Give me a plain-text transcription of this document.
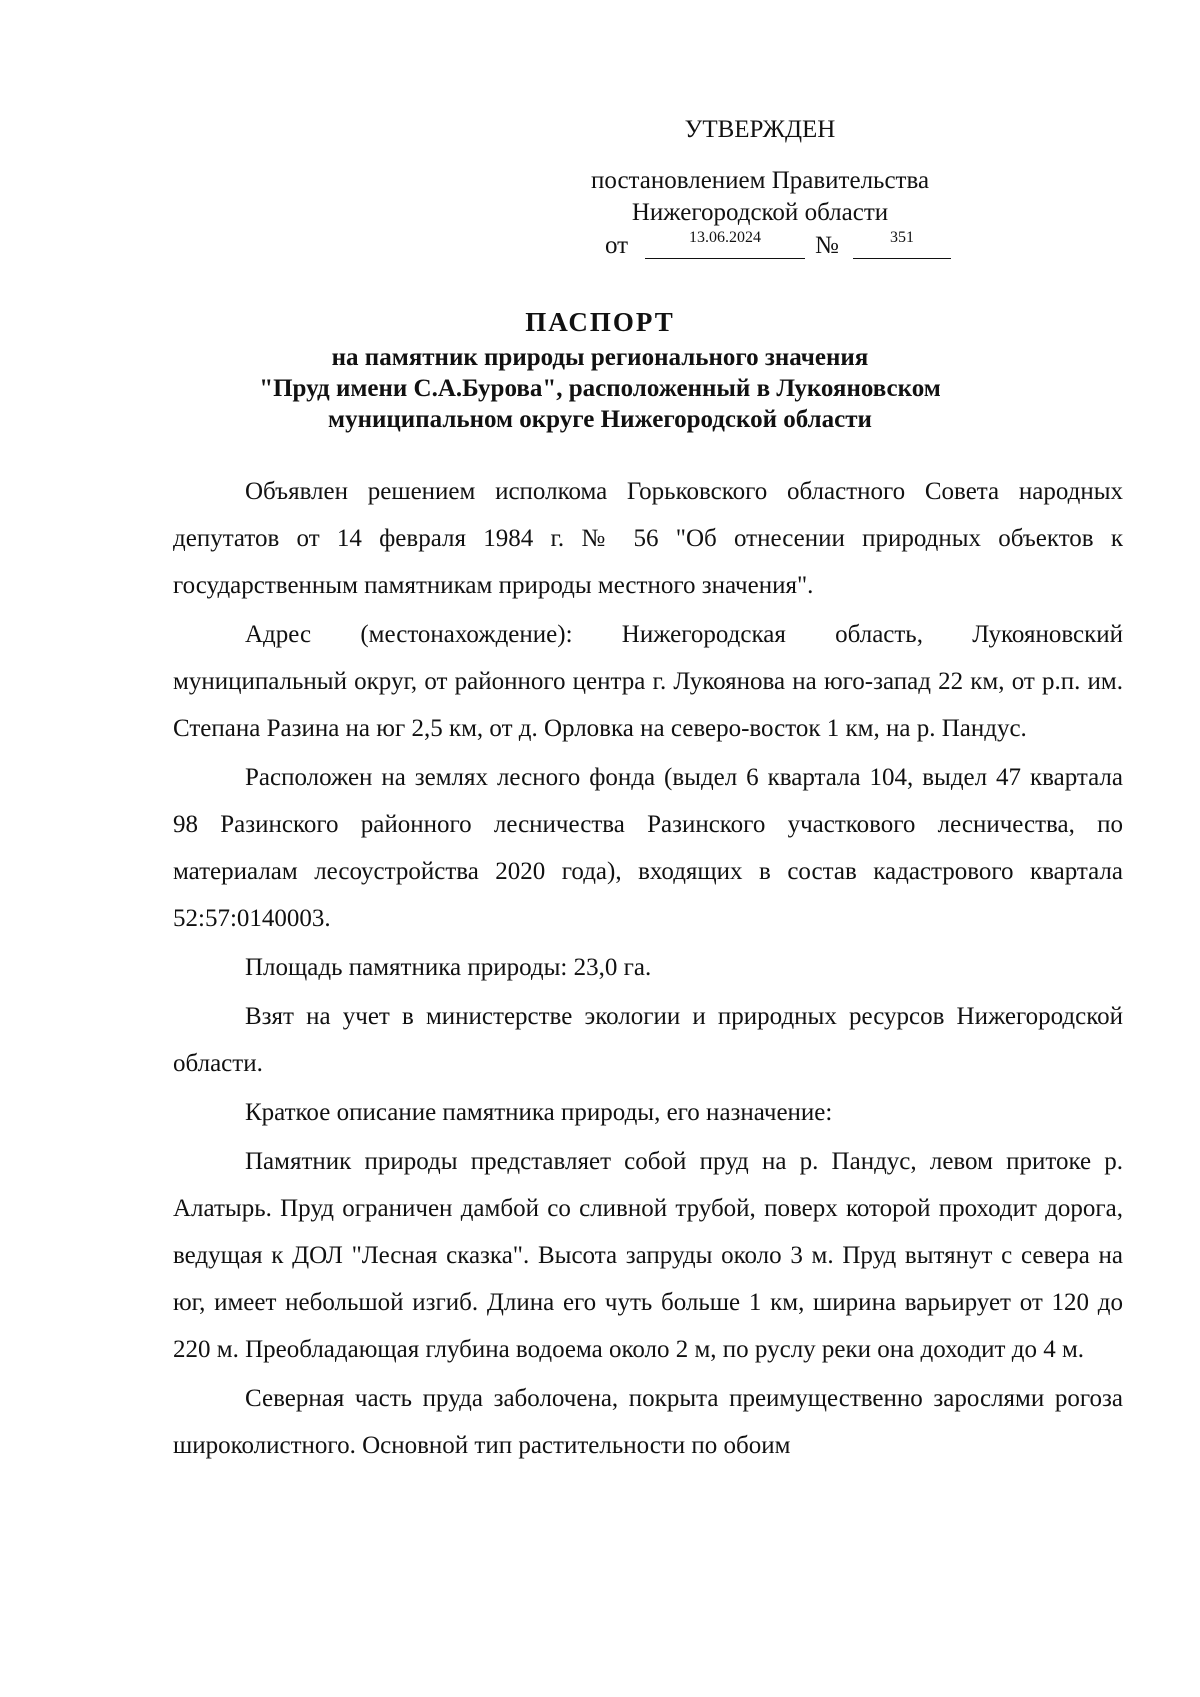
УТВЕРЖДЕН
постановлением Правительства
Нижегородской области
от	13.06.2024	№	351
ПАСПОРТ
на памятник природы регионального значения
"Пруд имени С.А.Бурова", расположенный в Лукояновском
муниципальном округе Нижегородской области

Объявлен решением исполкома Горьковского областного Совета народных депутатов от 14 февраля 1984 г. № 56 "Об отнесении природных объектов к государственным памятникам природы местного значения".

Адрес (местонахождение): Нижегородская область, Лукояновский муниципальный округ, от районного центра г. Лукоянова на юго-запад 22 км, от р.п. им. Степана Разина на юг 2,5 км, от д. Орловка на северо-восток 1 км, на р. Пандус.

Расположен на землях лесного фонда (выдел 6 квартала 104, выдел 47 квартала 98 Разинского районного лесничества Разинского участкового лесничества, по материалам лесоустройства 2020 года), входящих в состав кадастрового квартала 52:57:0140003.

Площадь памятника природы: 23,0 га.

Взят на учет в министерстве экологии и природных ресурсов Нижегородской области.

Краткое описание памятника природы, его назначение:

Памятник природы представляет собой пруд на р. Пандус, левом притоке р. Алатырь. Пруд ограничен дамбой со сливной трубой, поверх которой проходит дорога, ведущая к ДОЛ "Лесная сказка". Высота запруды около 3 м. Пруд вытянут с севера на юг, имеет небольшой изгиб. Длина его чуть больше 1 км, ширина варьирует от 120 до 220 м. Преобладающая глубина водоема около 2 м, по руслу реки она доходит до 4 м.

Северная часть пруда заболочена, покрыта преимущественно зарослями рогоза широколистного. Основной тип растительности по обоим
